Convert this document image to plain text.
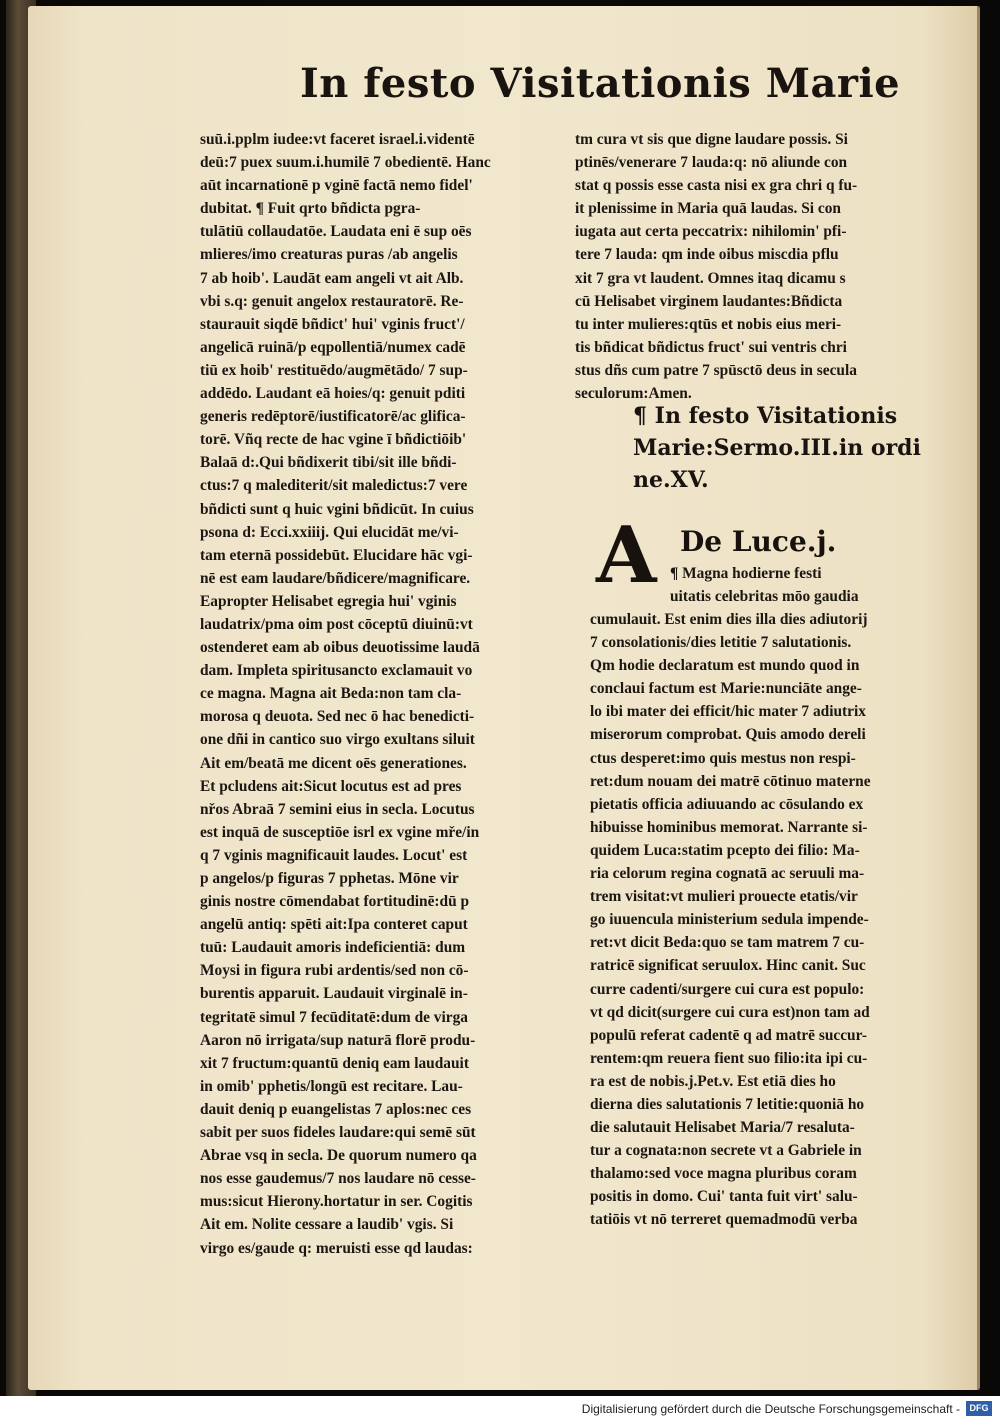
In festo Visitationis Marie
suū.i.pplm iudee:vt faceret israel.i.videntē
deū:7 puex suum.i.humilē 7 obedientē. Hanc
aūt incarnationē p vginē factā nemo fidel'
dubitat. ¶ Fuit qrto bñdicta pgra-
tulātiū collaudatōe. Laudata eni ē sup oēs
mlieres/imo creaturas puras /ab angelis
7 ab hoib'. Laudāt eam angeli vt ait Alb.
vbi s.q: genuit angelox restauratorē. Re-
staurauit siqdē bñdict' hui' vginis fruct'/
angelicā ruinā/p eqpollentiā/numex cadē
tiū ex hoib' restituēdo/augmētādo/ 7 sup-
addēdo. Laudant eā hoies/q: genuit pditi
generis redēptorē/iustificatorē/ac glifica-
torē. Vñq recte de hac vgine ī bñdictiōib'
Balaā d:.Qui bñdixerit tibi/sit ille bñdi-
ctus:7 q malediterit/sit maledictus:7 vere
bñdicti sunt q huic vgini bñdicūt. In cuius
psona d: Ecci.xxiiij. Qui elucidāt me/vi-
tam eternā possidebūt. Elucidare hāc vgi-
nē est eam laudare/bñdicere/magnificare.
Eapropter Helisabet egregia hui' vginis
laudatrix/pma oim post cōceptū diuinū:vt
ostenderet eam ab oibus deuotissime laudā
dam. Impleta spiritusancto exclamauit vo
ce magna. Magna ait Beda:non tam cla-
morosa q deuota. Sed nec ō hac benedicti-
one dñi in cantico suo virgo exultans siluit
Ait em/beatā me dicent oēs generationes.
Et pcludens ait:Sicut locutus est ad pres
nřos Abraā 7 semini eius in secla. Locutus
est inquā de susceptiōe isrl ex vgine mře/in
q 7 vginis magnificauit laudes. Locut' est
p angelos/p figuras 7 pphetas. Mōne vir
ginis nostre cōmendabat fortitudinē:dū p
angelū antiq: spēti ait:Ipa conteret caput
tuū: Laudauit amoris indeficientiā: dum
Moysi in figura rubi ardentis/sed non cō-
burentis apparuit. Laudauit virginalē in-
tegritatē simul 7 fecūditatē:dum de virga
Aaron nō irrigata/sup naturā florē produ-
xit 7 fructum:quantū deniq eam laudauit
in omib' pphetis/longū est recitare. Lau-
dauit deniq p euangelistas 7 aplos:nec ces
sabit per suos fideles laudare:qui semē sūt
Abrae vsq in secla. De quorum numero qa
nos esse gaudemus/7 nos laudare nō cesse-
mus:sicut Hierony.hortatur in ser. Cogitis
Ait em. Nolite cessare a laudib' vgis. Si
virgo es/gaude q: meruisti esse qd laudas:
tm cura vt sis que digne laudare possis. Si
ptinēs/venerare 7 lauda:q: nō aliunde con
stat q possis esse casta nisi ex gra chri q fu-
it plenissime in Maria quā laudas. Si con
iugata aut certa peccatrix: nihilomin' pfi-
tere 7 lauda: qm inde oibus miscdia pflu
xit 7 gra vt laudent. Omnes itaq dicamu s
cū Helisabet virginem laudantes:Bñdicta
tu inter mulieres:qtūs et nobis eius meri-
tis bñdicat bñdictus fruct' sui ventris chri
stus dñs cum patre 7 spūsctō deus in secula
seculorum:Amen.
¶ In festo Visitationis
Marie:Sermo.III.in ordi
ne.XV.
A De Luce.j.
¶ Magna hodierne festi
uitatis celebritas mōo gaudia
cumulauit. Est enim dies illa dies adiutorij
7 consolationis/dies letitie 7 salutationis.
Qm hodie declaratum est mundo quod in
conclaui factum est Marie:nunciāte ange-
lo ibi mater dei efficit/hic mater 7 adiutrix
miserorum comprobat. Quis amodo dereli
ctus desperet:imo quis mestus non respi-
ret:dum nouam dei matrē cōtinuo materne
pietatis officia adiuuando ac cōsulando ex
hibuisse hominibus memorat. Narrante si-
quidem Luca:statim pcepto dei filio: Ma-
ria celorum regina cognatā ac seruuli ma-
trem visitat:vt mulieri prouecte etatis/vir
go iuuencula ministerium sedula impende-
ret:vt dicit Beda:quo se tam matrem 7 cu-
ratricē significat seruulox. Hinc canit. Suc
curre cadenti/surgere cui cura est populo:
vt qd dicit(surgere cui cura est)non tam ad
populū referat cadentē q ad matrē succur-
rentem:qm reuera fient suo filio:ita ipi cu-
ra est de nobis.j.Pet.v. Est etiā dies ho
dierna dies salutationis 7 letitie:quoniā ho
die salutauit Helisabet Maria/7 resaluta-
tur a cognata:non secrete vt a Gabriele in
thalamo:sed voce magna pluribus coram
positis in domo. Cui' tanta fuit virt' salu-
tatiōis vt nō terreret quemadmodū verba
Digitalisierung gefördert durch die Deutsche Forschungsgemeinschaft -	DFG
